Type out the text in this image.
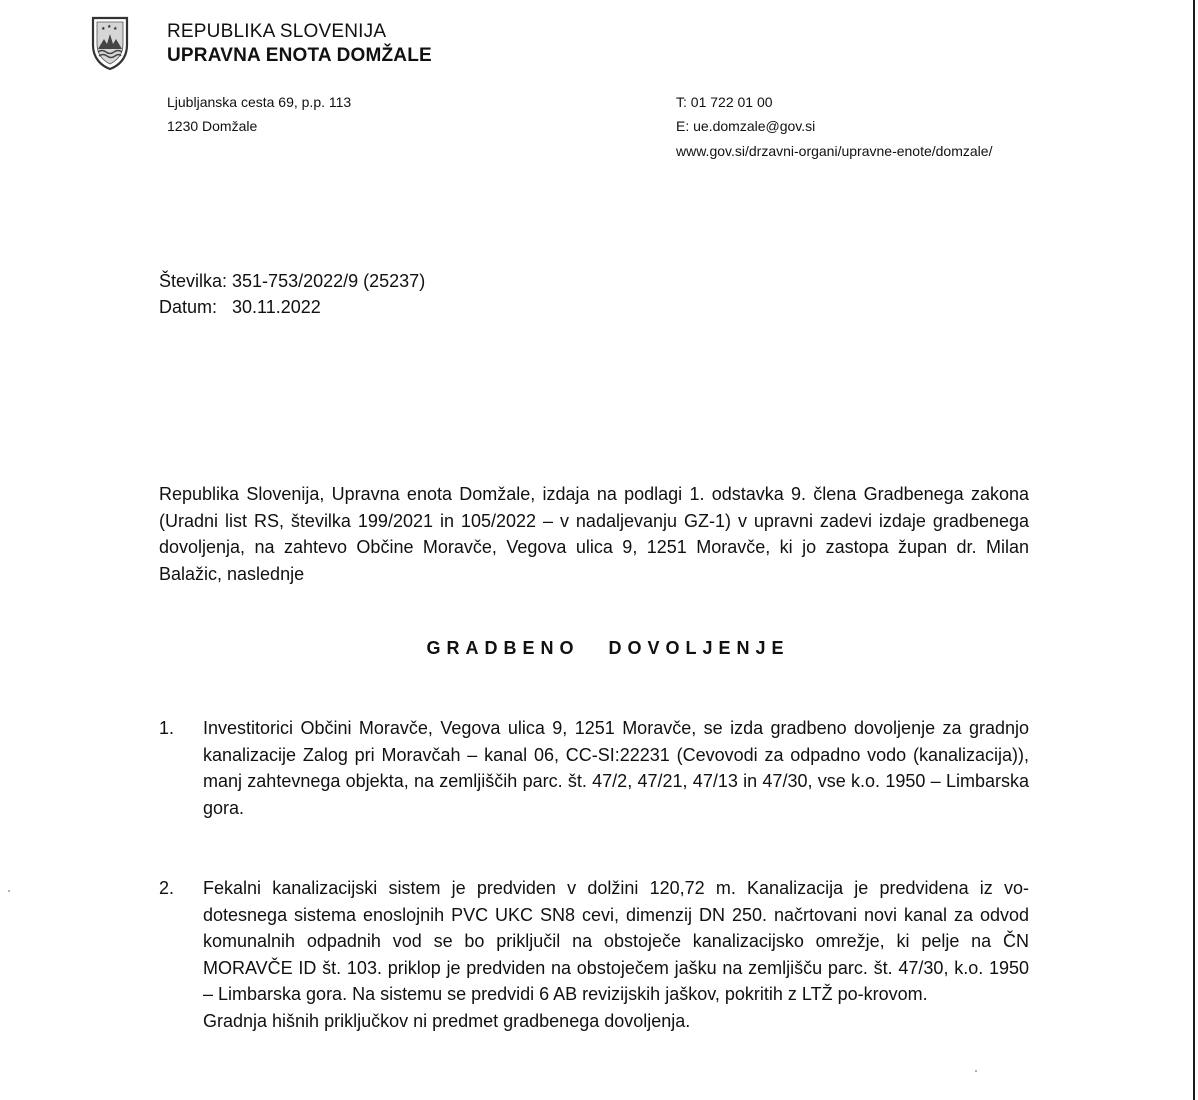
★ ★ ★	REPUBLIKA SLOVENIJA
UPRAVNA ENOTA DOMŽALE
Ljubljanska cesta 69, p.p. 113
1230 Domžale
T: 01 722 01 00
E: ue.domzale@gov.si
www.gov.si/drzavni-organi/upravne-enote/domzale/
Številka: 351-753/2022/9 (25237)
Datum:   30.11.2022
Republika Slovenija, Upravna enota Domžale, izdaja na podlagi 1. odstavka 9. člena Gradbenega zakona (Uradni list RS, številka 199/2021 in 105/2022 – v nadaljevanju GZ-1) v upravni zadevi izdaje gradbenega dovoljenja, na zahtevo Občine Moravče, Vegova ulica 9, 1251 Moravče, ki jo zastopa župan dr. Milan Balažic, naslednje
GRADBENO DOVOLJENJE
1. Investitorici Občini Moravče, Vegova ulica 9, 1251 Moravče, se izda gradbeno dovoljenje za gradnjo kanalizacije Zalog pri Moravčah – kanal 06, CC-SI:22231 (Cevovodi za odpadno vodo (kanalizacija)), manj zahtevnega objekta, na zemljiščih parc. št. 47/2, 47/21, 47/13 in 47/30, vse k.o. 1950 – Limbarska gora.

2. Fekalni kanalizacijski sistem je predviden v dolžini 120,72 m. Kanalizacija je predvidena iz vo-dotesnega sistema enoslojnih PVC UKC SN8 cevi, dimenzij DN 250. načrtovani novi kanal za odvod komunalnih odpadnih vod se bo priključil na obstoječe kanalizacijsko omrežje, ki pelje na ČN MORAVČE ID št. 103. priklop je predviden na obstoječem jašku na zemljišču parc. št. 47/30, k.o. 1950 – Limbarska gora. Na sistemu se predvidi 6 AB revizijskih jaškov, pokritih z LTŽ po-krovom.

Gradnja hišnih priključkov ni predmet gradbenega dovoljenja.
